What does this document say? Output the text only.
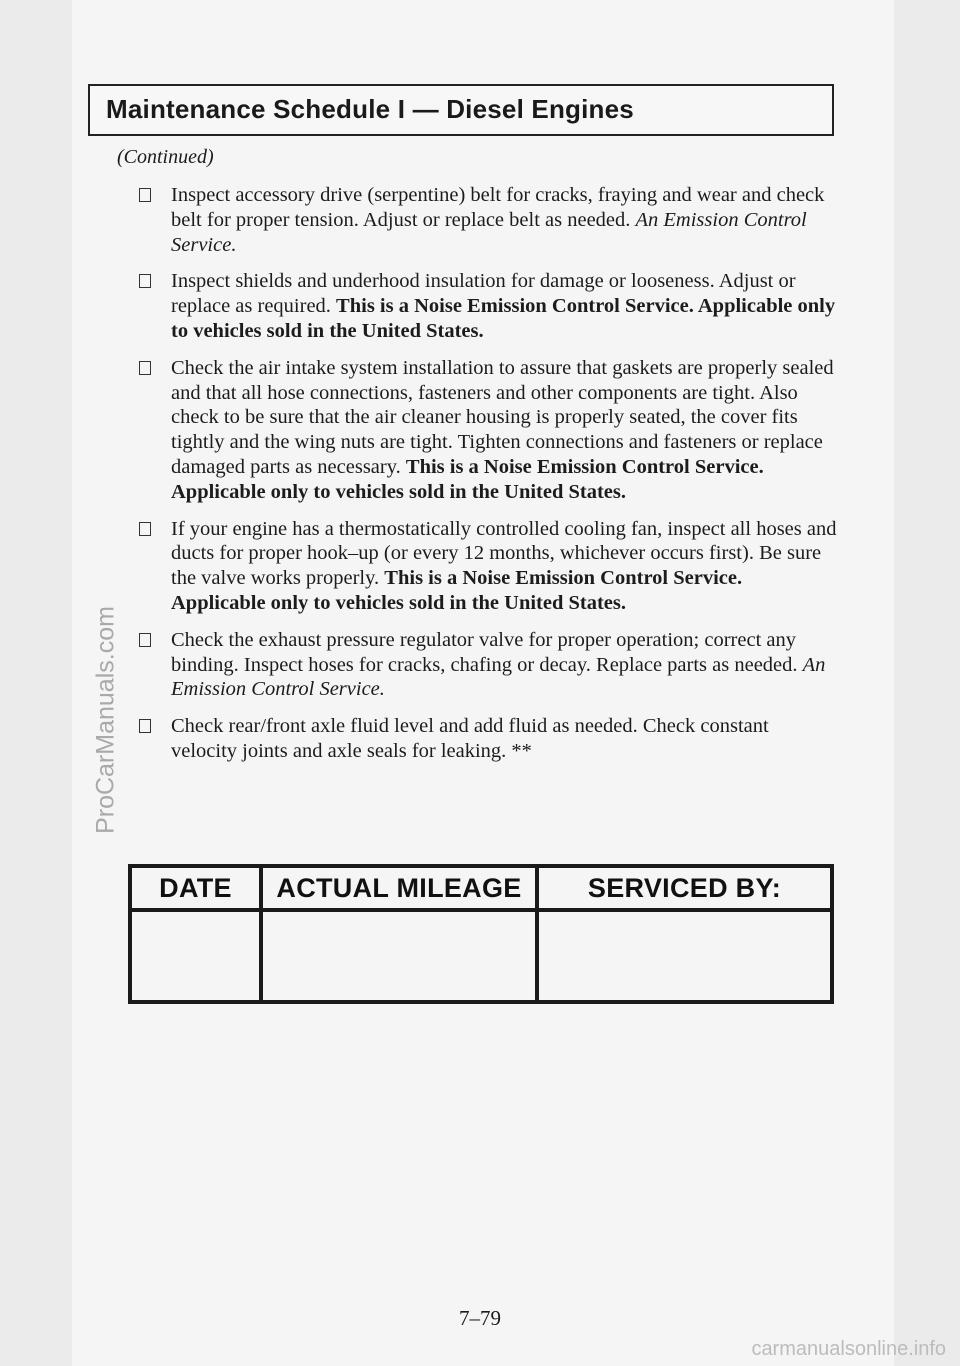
Maintenance Schedule I — Diesel Engines
(Continued)
Inspect accessory drive (serpentine) belt for cracks, fraying and wear and check belt for proper tension. Adjust or replace belt as needed. An Emission Control Service.
Inspect shields and underhood insulation for damage or looseness. Adjust or replace as required. This is a Noise Emission Control Service. Applicable only to vehicles sold in the United States.
Check the air intake system installation to assure that gaskets are properly sealed and that all hose connections, fasteners and other components are tight. Also check to be sure that the air cleaner housing is properly seated, the cover fits tightly and the wing nuts are tight. Tighten connections and fasteners or replace damaged parts as necessary. This is a Noise Emission Control Service. Applicable only to vehicles sold in the United States.
If your engine has a thermostatically controlled cooling fan, inspect all hoses and ducts for proper hook–up (or every 12 months, whichever occurs first). Be sure the valve works properly. This is a Noise Emission Control Service. Applicable only to vehicles sold in the United States.
Check the exhaust pressure regulator valve for proper operation; correct any binding. Inspect hoses for cracks, chafing or decay. Replace parts as needed. An Emission Control Service.
Check rear/front axle fluid level and add fluid as needed. Check constant velocity joints and axle seals for leaking. **
DATE	ACTUAL MILEAGE	SERVICED BY:

7–79
ProCarManuals.com
carmanualsonline.info
